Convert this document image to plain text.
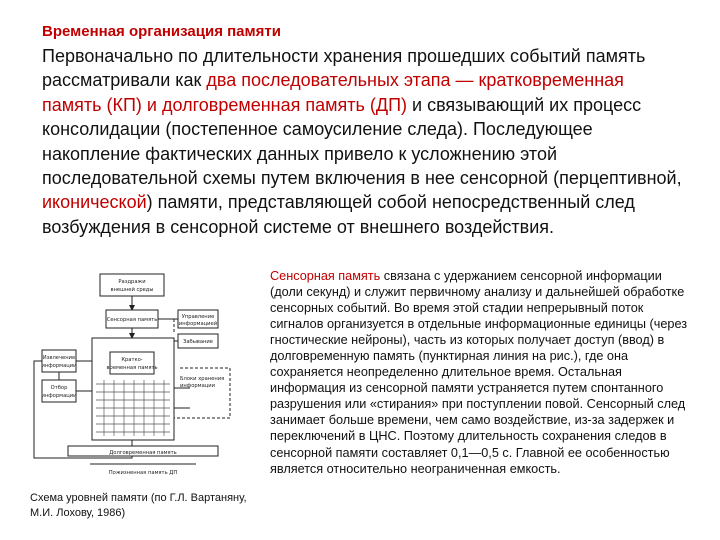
Временная организация памяти
Первоначально по длительности хранения прошедших событий память рассматривали как два последовательных этапа — кратковременная память (КП) и долговременная память (ДП) и связывающий их процесс консолидации (постепенное самоусиление следа). Последующее накопление фактических данных привело к усложнению этой последовательной схемы путем включения в нее сенсорной (перцептивной, иконической) памяти, представляющей собой непосредственный след возбуждения в сенсорной системе от внешнего воздействия.
Раздражи
внешней среды
Сенсорная память	Управление
информацией
Забывание
Извлечение
информации
Отбор
информации
Кратко-
временная память
Блоки хранения
информации
Долговременная память
Пожизненная память ДП
Схема уровней памяти (по Г.Л. Вартаняну, М.И. Лохову, 1986)
Сенсорная память связана с удержанием сенсорной информации (доли секунд) и служит первичному анализу и дальнейшей обработке сенсорных событий. Во время этой стадии непрерывный поток сигналов организуется в отдельные информационные единицы (через гностические нейроны), часть из которых получает доступ (ввод) в долговременную память (пунктирная линия на рис.), где она сохраняется неопределенно длительное время. Остальная информация из сенсорной памяти устраняется путем спонтанного разрушения или «стирания» при поступлении повой. Сенсорный след занимает больше времени, чем само воздействие, из-за задержек и переключений в ЦНС. Поэтому длительность сохранения следов в сенсорной памяти составляет 0,1—0,5 с. Главной ее особенностью является относительно неограниченная емкость.
